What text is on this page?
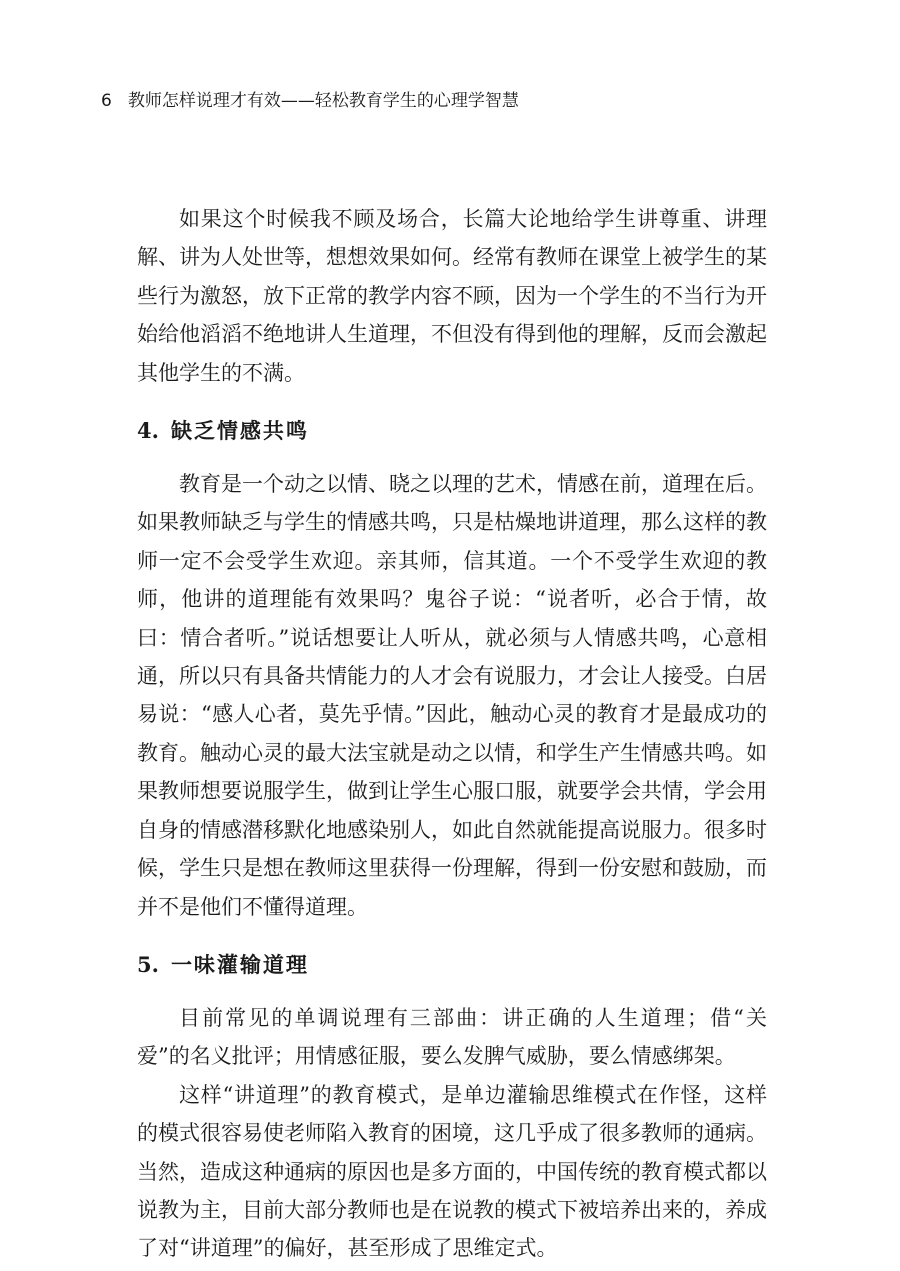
6 教师怎样说理才有效——轻松教育学生的心理学智慧

如果这个时候我不顾及场合，长篇大论地给学生讲尊重、讲理解、讲为人处世等，想想效果如何。经常有教师在课堂上被学生的某些行为激怒，放下正常的教学内容不顾，因为一个学生的不当行为开始给他滔滔不绝地讲人生道理，不但没有得到他的理解，反而会激起其他学生的不满。

4. 缺乏情感共鸣

教育是一个动之以情、晓之以理的艺术，情感在前，道理在后。如果教师缺乏与学生的情感共鸣，只是枯燥地讲道理，那么这样的教师一定不会受学生欢迎。亲其师，信其道。一个不受学生欢迎的教师，他讲的道理能有效果吗？鬼谷子说：“说者听，必合于情，故曰：情合者听。”说话想要让人听从，就必须与人情感共鸣，心意相通，所以只有具备共情能力的人才会有说服力，才会让人接受。白居易说：“感人心者，莫先乎情。”因此，触动心灵的教育才是最成功的教育。触动心灵的最大法宝就是动之以情，和学生产生情感共鸣。如果教师想要说服学生，做到让学生心服口服，就要学会共情，学会用自身的情感潜移默化地感染别人，如此自然就能提高说服力。很多时候，学生只是想在教师这里获得一份理解，得到一份安慰和鼓励，而并不是他们不懂得道理。

5. 一味灌输道理

目前常见的单调说理有三部曲：讲正确的人生道理；借“关爱”的名义批评；用情感征服，要么发脾气威胁，要么情感绑架。

这样“讲道理”的教育模式，是单边灌输思维模式在作怪，这样的模式很容易使老师陷入教育的困境，这几乎成了很多教师的通病。当然，造成这种通病的原因也是多方面的，中国传统的教育模式都以说教为主，目前大部分教师也是在说教的模式下被培养出来的，养成了对“讲道理”的偏好，甚至形成了思维定式。
